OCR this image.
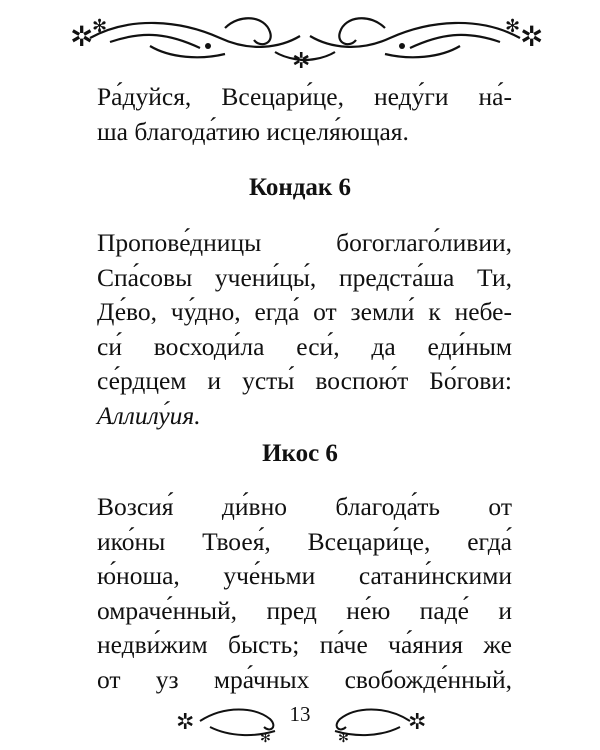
✲	✲
✻	✻
✲
Ра́дуйся, Всецари́це, неду́ги на́-
ша благода́тию исцеля́ющая.
Кондак 6
Пропове́дницы богоглаго́ливии,
Спа́совы учени́цы́, предста́ша Ти,
Де́во, чу́дно, егда́ от земли́ к небе-
си́ восходи́ла еси́, да еди́ным
се́рдцем и усты́ воспою́т Бо́гови:
Аллилу́ия.
Икос 6
Возсия́ ди́вно благода́ть от
ико́ны Твоея́, Всецари́це, егда́
ю́ноша, уче́ньми сатани́нскими
омраче́нный, пред не́ю паде́ и
недви́жим бысть; па́че ча́яния же
от уз мра́чных свобожде́нный,
✲	✲
✻	✻
13
